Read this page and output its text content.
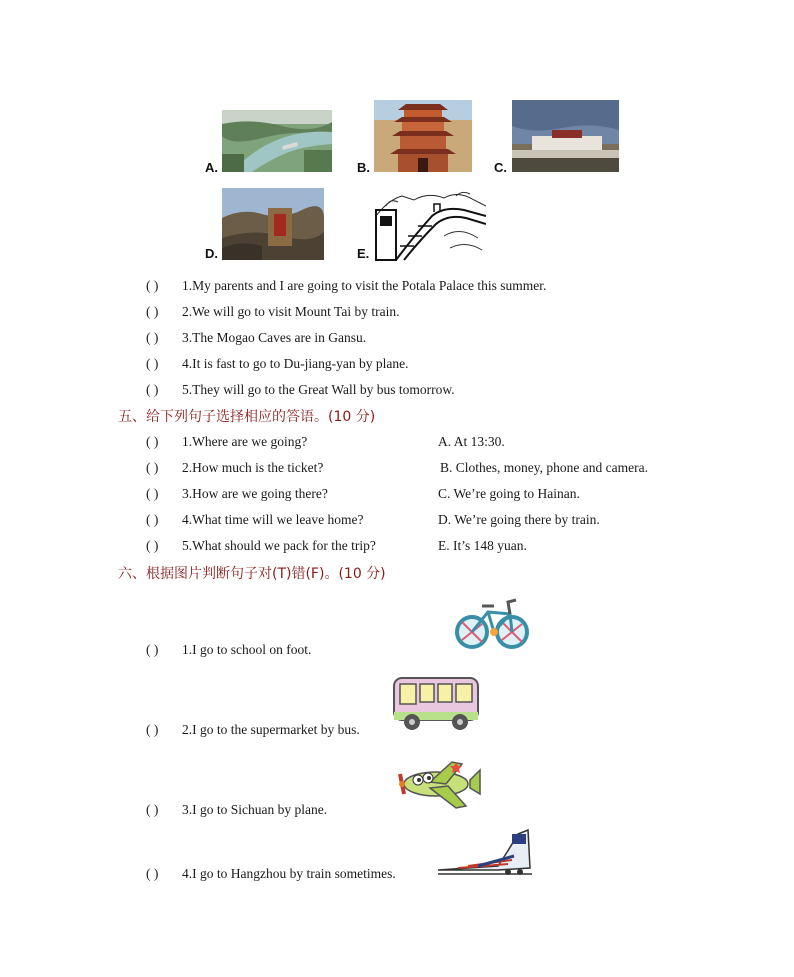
A.	B.	C.
D.	E.
( ) 1.My parents and I are going to visit the Potala Palace this summer.
( ) 2.We will go to visit Mount Tai by train.
( ) 3.The Mogao Caves are in Gansu.
( ) 4.It is fast to go to Du-jiang-yan by plane.
( ) 5.They will go to the Great Wall by bus tomorrow.
五、给下列句子选择相应的答语。(10 分)
( ) 1.Where are we going?	A. At 13:30.
( ) 2.How much is the ticket?	B. Clothes, money, phone and camera.
( ) 3.How are we going there?	C. We’re going to Hainan.
( ) 4.What time will we leave home?	D. We’re going there by train.
( ) 5.What should we pack for the trip?	E. It’s 148 yuan.
六、根据图片判断句子对(T)错(F)。(10 分)
( ) 1.I go to school on foot.
( ) 2.I go to the supermarket by bus.
( ) 3.I go to Sichuan by plane.
( ) 4.I go to Hangzhou by train sometimes.
